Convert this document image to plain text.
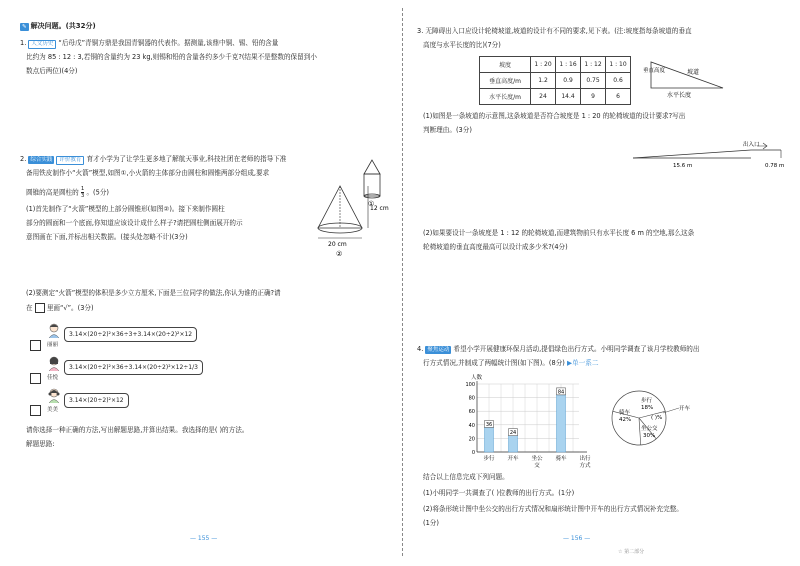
✎ 解决问题。(共32分)
1. 人文历史 “后母戊”青铜方鼎是我国青铜器的代表作。据测量,该鼎中铜、锡、铅的含量
比约为 85 : 12 : 3,若铜的含量约为 23 kg,则锡和铅的含量各约多少千克?(结果不是整数的保留到小
数点后两位)(4分)
2. 综合实践 评价教育 育才小学为了让学生更多地了解航天事业,科技社团在老师的指导下准
备用铁皮制作小“火箭”模型,如图①,小火箭的主体部分由圆柱和圆锥两部分组成,要求
圆锥的高是圆柱的 $\frac{1}{3}$ 。(5分)
(1)首先制作了“火箭”模型的上部分圆锥形(如图②)。接下来制作圆柱
部分的圆面和一个底面,你知道应该设计成什么样子?请把圆柱侧面展开的示
意图画在下面,并标出相关数据。(接头处忽略不计)(3分)
①
12 cm
20 cm
②
(2)要测定“火箭”模型的体积是多少立方厘米,下面是三位同学的做法,你认为谁的正确?请
在 里画“√”。(3分)
丽丽
3.14×(20÷2)²×36÷3+3.14×(20÷2)²×12
佳悦
3.14×(20÷2)²×36÷3.14×(20÷2)²×12÷1/3
美美
3.14×(20÷2)²×12
请你选择一种正确的方法,写出解题思路,并算出结果。我选择的是( )的方法。
解题思路:
— 155 —
3. 无障碍出入口应设计轮椅坡道,坡道的设计有不同的要求,见下表。(注:坡度指每条坡道的垂直
高度与水平长度的比)(7分)
坡度	1 : 20	1 : 16	1 : 12	1 : 10
垂直高度/m	1.2	0.9	0.75	0.6
水平长度/m	24	14.4	9	6
垂直高度	坡道
水平长度
(1)如图是一条坡道的示意图,这条坡道是否符合坡度是 1 : 20 的轮椅坡道的设计要求?写出
判断理由。(3分)
出入口
15.6 m	0.78 m
(2)如果要设计一条坡度是 1 : 12 的轮椅坡道,而建筑物前只有水平长度 6 m 的空地,那么这条
轮椅坡道的垂直高度最高可以设计成多少米?(4分)
4. 聚焦运动 希望小学开展健康环保月活动,提倡绿色出行方式。小明同学调查了该月学校教师的出
行方式情况,并制成了两幅统计图(如下图)。(8分) ▶单一系二
人数
0
20
40
60
80
100
36
24
84
步行 开车 坐公
交
骑车 出行
方式
骑车
42%
步行
18%	开车
( )%
坐公交
30%
结合以上信息完成下列问题。
(1)小明同学一共调查了( )位教师的出行方式。(1分)
(2)将条形统计图中坐公交的出行方式情况和扇形统计图中开车的出行方式情况补充完整。
(1分)
— 156 —
☆ 第二部分
